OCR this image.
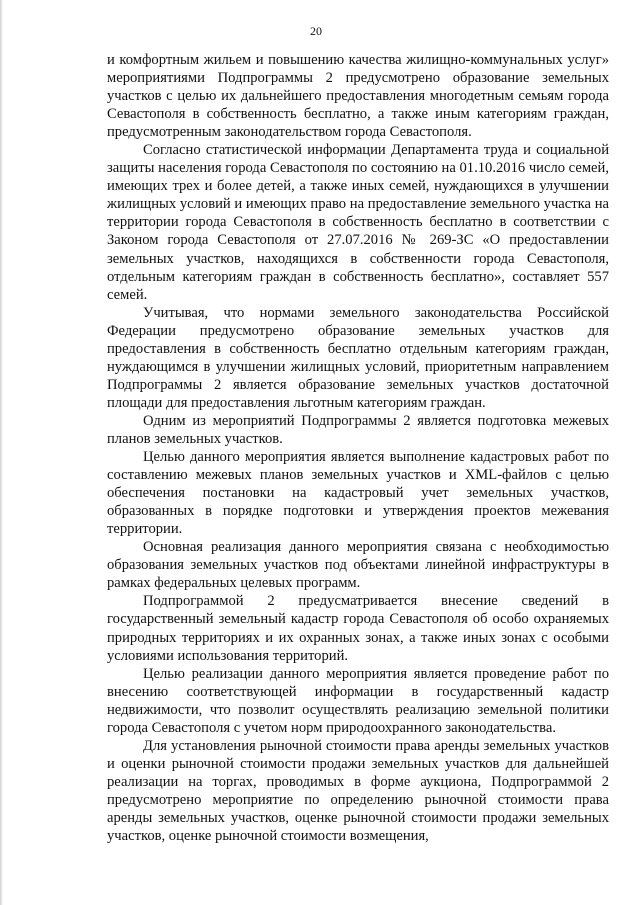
20

и комфортным жильем и повышению качества жилищно-коммунальных услуг» мероприятиями Подпрограммы 2 предусмотрено образование земельных участков с целью их дальнейшего предоставления многодетным семьям города Севастополя в собственность бесплатно, а также иным категориям граждан, предусмотренным законодательством города Севастополя.

Согласно статистической информации Департамента труда и социальной защиты населения города Севастополя по состоянию на 01.10.2016 число семей, имеющих трех и более детей, а также иных семей, нуждающихся в улучшении жилищных условий и имеющих право на предоставление земельного участка на территории города Севастополя в собственность бесплатно в соответствии с Законом города Севастополя от 27.07.2016 № 269-ЗС «О предоставлении земельных участков, находящихся в собственности города Севастополя, отдельным категориям граждан в собственность бесплатно», составляет 557 семей.

Учитывая, что нормами земельного законодательства Российской Федерации предусмотрено образование земельных участков для предоставления в собственность бесплатно отдельным категориям граждан, нуждающимся в улучшении жилищных условий, приоритетным направлением Подпрограммы 2 является образование земельных участков достаточной площади для предоставления льготным категориям граждан.

Одним из мероприятий Подпрограммы 2 является подготовка межевых планов земельных участков.

Целью данного мероприятия является выполнение кадастровых работ по составлению межевых планов земельных участков и XML-файлов с целью обеспечения постановки на кадастровый учет земельных участков, образованных в порядке подготовки и утверждения проектов межевания территории.

Основная реализация данного мероприятия связана с необходимостью образования земельных участков под объектами линейной инфраструктуры в рамках федеральных целевых программ.

Подпрограммой 2 предусматривается внесение сведений в государственный земельный кадастр города Севастополя об особо охраняемых природных территориях и их охранных зонах, а также иных зонах с особыми условиями использования территорий.

Целью реализации данного мероприятия является проведение работ по внесению соответствующей информации в государственный кадастр недвижимости, что позволит осуществлять реализацию земельной политики города Севастополя с учетом норм природоохранного законодательства.

Для установления рыночной стоимости права аренды земельных участков и оценки рыночной стоимости продажи земельных участков для дальнейшей реализации на торгах, проводимых в форме аукциона, Подпрограммой 2 предусмотрено мероприятие по определению рыночной стоимости права аренды земельных участков, оценке рыночной стоимости продажи земельных участков, оценке рыночной стоимости возмещения,
